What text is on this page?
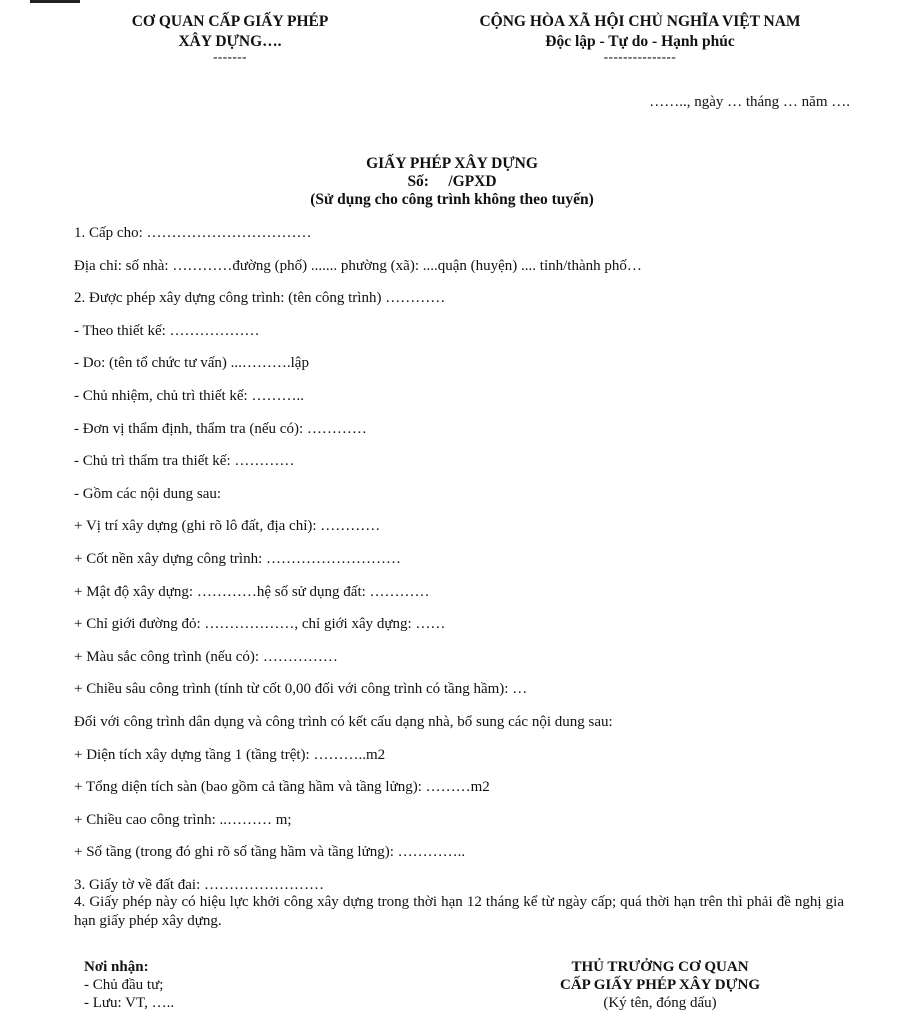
CƠ QUAN CẤP GIẤY PHÉP
XÂY DỰNG….
-------
CỘNG HÒA XÃ HỘI CHỦ NGHĨA VIỆT NAM
Độc lập - Tự do - Hạnh phúc
---------------
…….., ngày … tháng … năm ….
GIẤY PHÉP XÂY DỰNG
Số:     /GPXD
(Sử dụng cho công trình không theo tuyến)
1. Cấp cho: ……………………………
Địa chỉ: số nhà: …………đường (phố) ....... phường (xã): ....quận (huyện) .... tỉnh/thành phố…
2. Được phép xây dựng công trình: (tên công trình) …………
- Theo thiết kế: ………………
- Do: (tên tổ chức tư vấn) ...……….lập
- Chủ nhiệm, chủ trì thiết kế: ………..
- Đơn vị thẩm định, thẩm tra (nếu có): …………
- Chủ trì thẩm tra thiết kế: …………
- Gồm các nội dung sau:
+ Vị trí xây dựng (ghi rõ lô đất, địa chỉ): …………
+ Cốt nền xây dựng công trình: ………………………
+ Mật độ xây dựng: …………hệ số sử dụng đất: …………
+ Chỉ giới đường đỏ: ………………, chỉ giới xây dựng: ……
+ Màu sắc công trình (nếu có): ……………
+ Chiều sâu công trình (tính từ cốt 0,00 đối với công trình có tầng hầm): …
Đối với công trình dân dụng và công trình có kết cấu dạng nhà, bổ sung các nội dung sau:
+ Diện tích xây dựng tầng 1 (tầng trệt): ………..m2
+ Tổng diện tích sàn (bao gồm cả tầng hầm và tầng lửng): ………m2
+ Chiều cao công trình: ..……… m;
+ Số tầng (trong đó ghi rõ số tầng hầm và tầng lửng): …………..
3. Giấy tờ về đất đai: ……………………
4. Giấy phép này có hiệu lực khởi công xây dựng trong thời hạn 12 tháng kể từ ngày cấp; quá thời hạn trên thì phải đề nghị gia hạn giấy phép xây dựng.
Nơi nhận:
- Chủ đầu tư;
- Lưu: VT, …..
THỦ TRƯỞNG CƠ QUAN
CẤP GIẤY PHÉP XÂY DỰNG
(Ký tên, đóng dấu)
